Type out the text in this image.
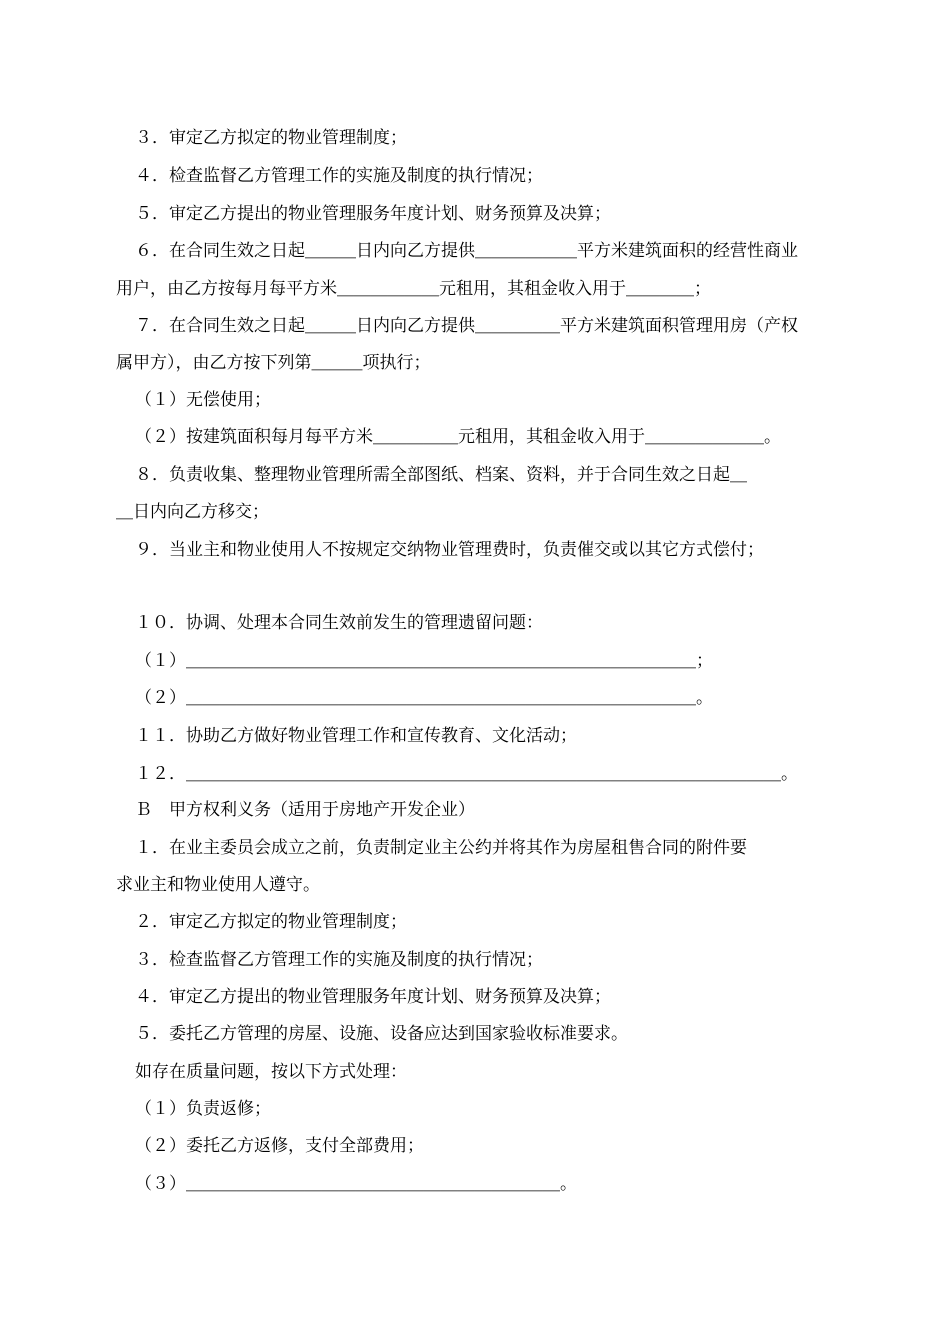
３．审定乙方拟定的物业管理制度；
４．检查监督乙方管理工作的实施及制度的执行情况；
５．审定乙方提出的物业管理服务年度计划、财务预算及决算；
６．在合同生效之日起＿＿＿日内向乙方提供＿＿＿＿＿＿平方米建筑面积的经营性商业
用户，由乙方按每月每平方米＿＿＿＿＿＿元租用，其租金收入用于＿＿＿＿；
７．在合同生效之日起＿＿＿日内向乙方提供＿＿＿＿＿平方米建筑面积管理用房（产权
属甲方），由乙方按下列第＿＿＿项执行；
（１）无偿使用；
（２）按建筑面积每月每平方米＿＿＿＿＿元租用，其租金收入用于＿＿＿＿＿＿＿。
８．负责收集、整理物业管理所需全部图纸、档案、资料，并于合同生效之日起＿
＿日内向乙方移交；
９．当业主和物业使用人不按规定交纳物业管理费时，负责催交或以其它方式偿付；
１０．协调、处理本合同生效前发生的管理遗留问题：
（１）＿＿＿＿＿＿＿＿＿＿＿＿＿＿＿＿＿＿＿＿＿＿＿＿＿＿＿＿＿＿；
（２）＿＿＿＿＿＿＿＿＿＿＿＿＿＿＿＿＿＿＿＿＿＿＿＿＿＿＿＿＿＿。
１１．协助乙方做好物业管理工作和宣传教育、文化活动；
１２．＿＿＿＿＿＿＿＿＿＿＿＿＿＿＿＿＿＿＿＿＿＿＿＿＿＿＿＿＿＿＿＿＿＿＿。
Ｂ　甲方权利义务（适用于房地产开发企业）
１．在业主委员会成立之前，负责制定业主公约并将其作为房屋租售合同的附件要
求业主和物业使用人遵守。
２．审定乙方拟定的物业管理制度；
３．检查监督乙方管理工作的实施及制度的执行情况；
４．审定乙方提出的物业管理服务年度计划、财务预算及决算；
５．委托乙方管理的房屋、设施、设备应达到国家验收标准要求。
如存在质量问题，按以下方式处理：
（１）负责返修；
（２）委托乙方返修，支付全部费用；
（３）＿＿＿＿＿＿＿＿＿＿＿＿＿＿＿＿＿＿＿＿＿＿。
